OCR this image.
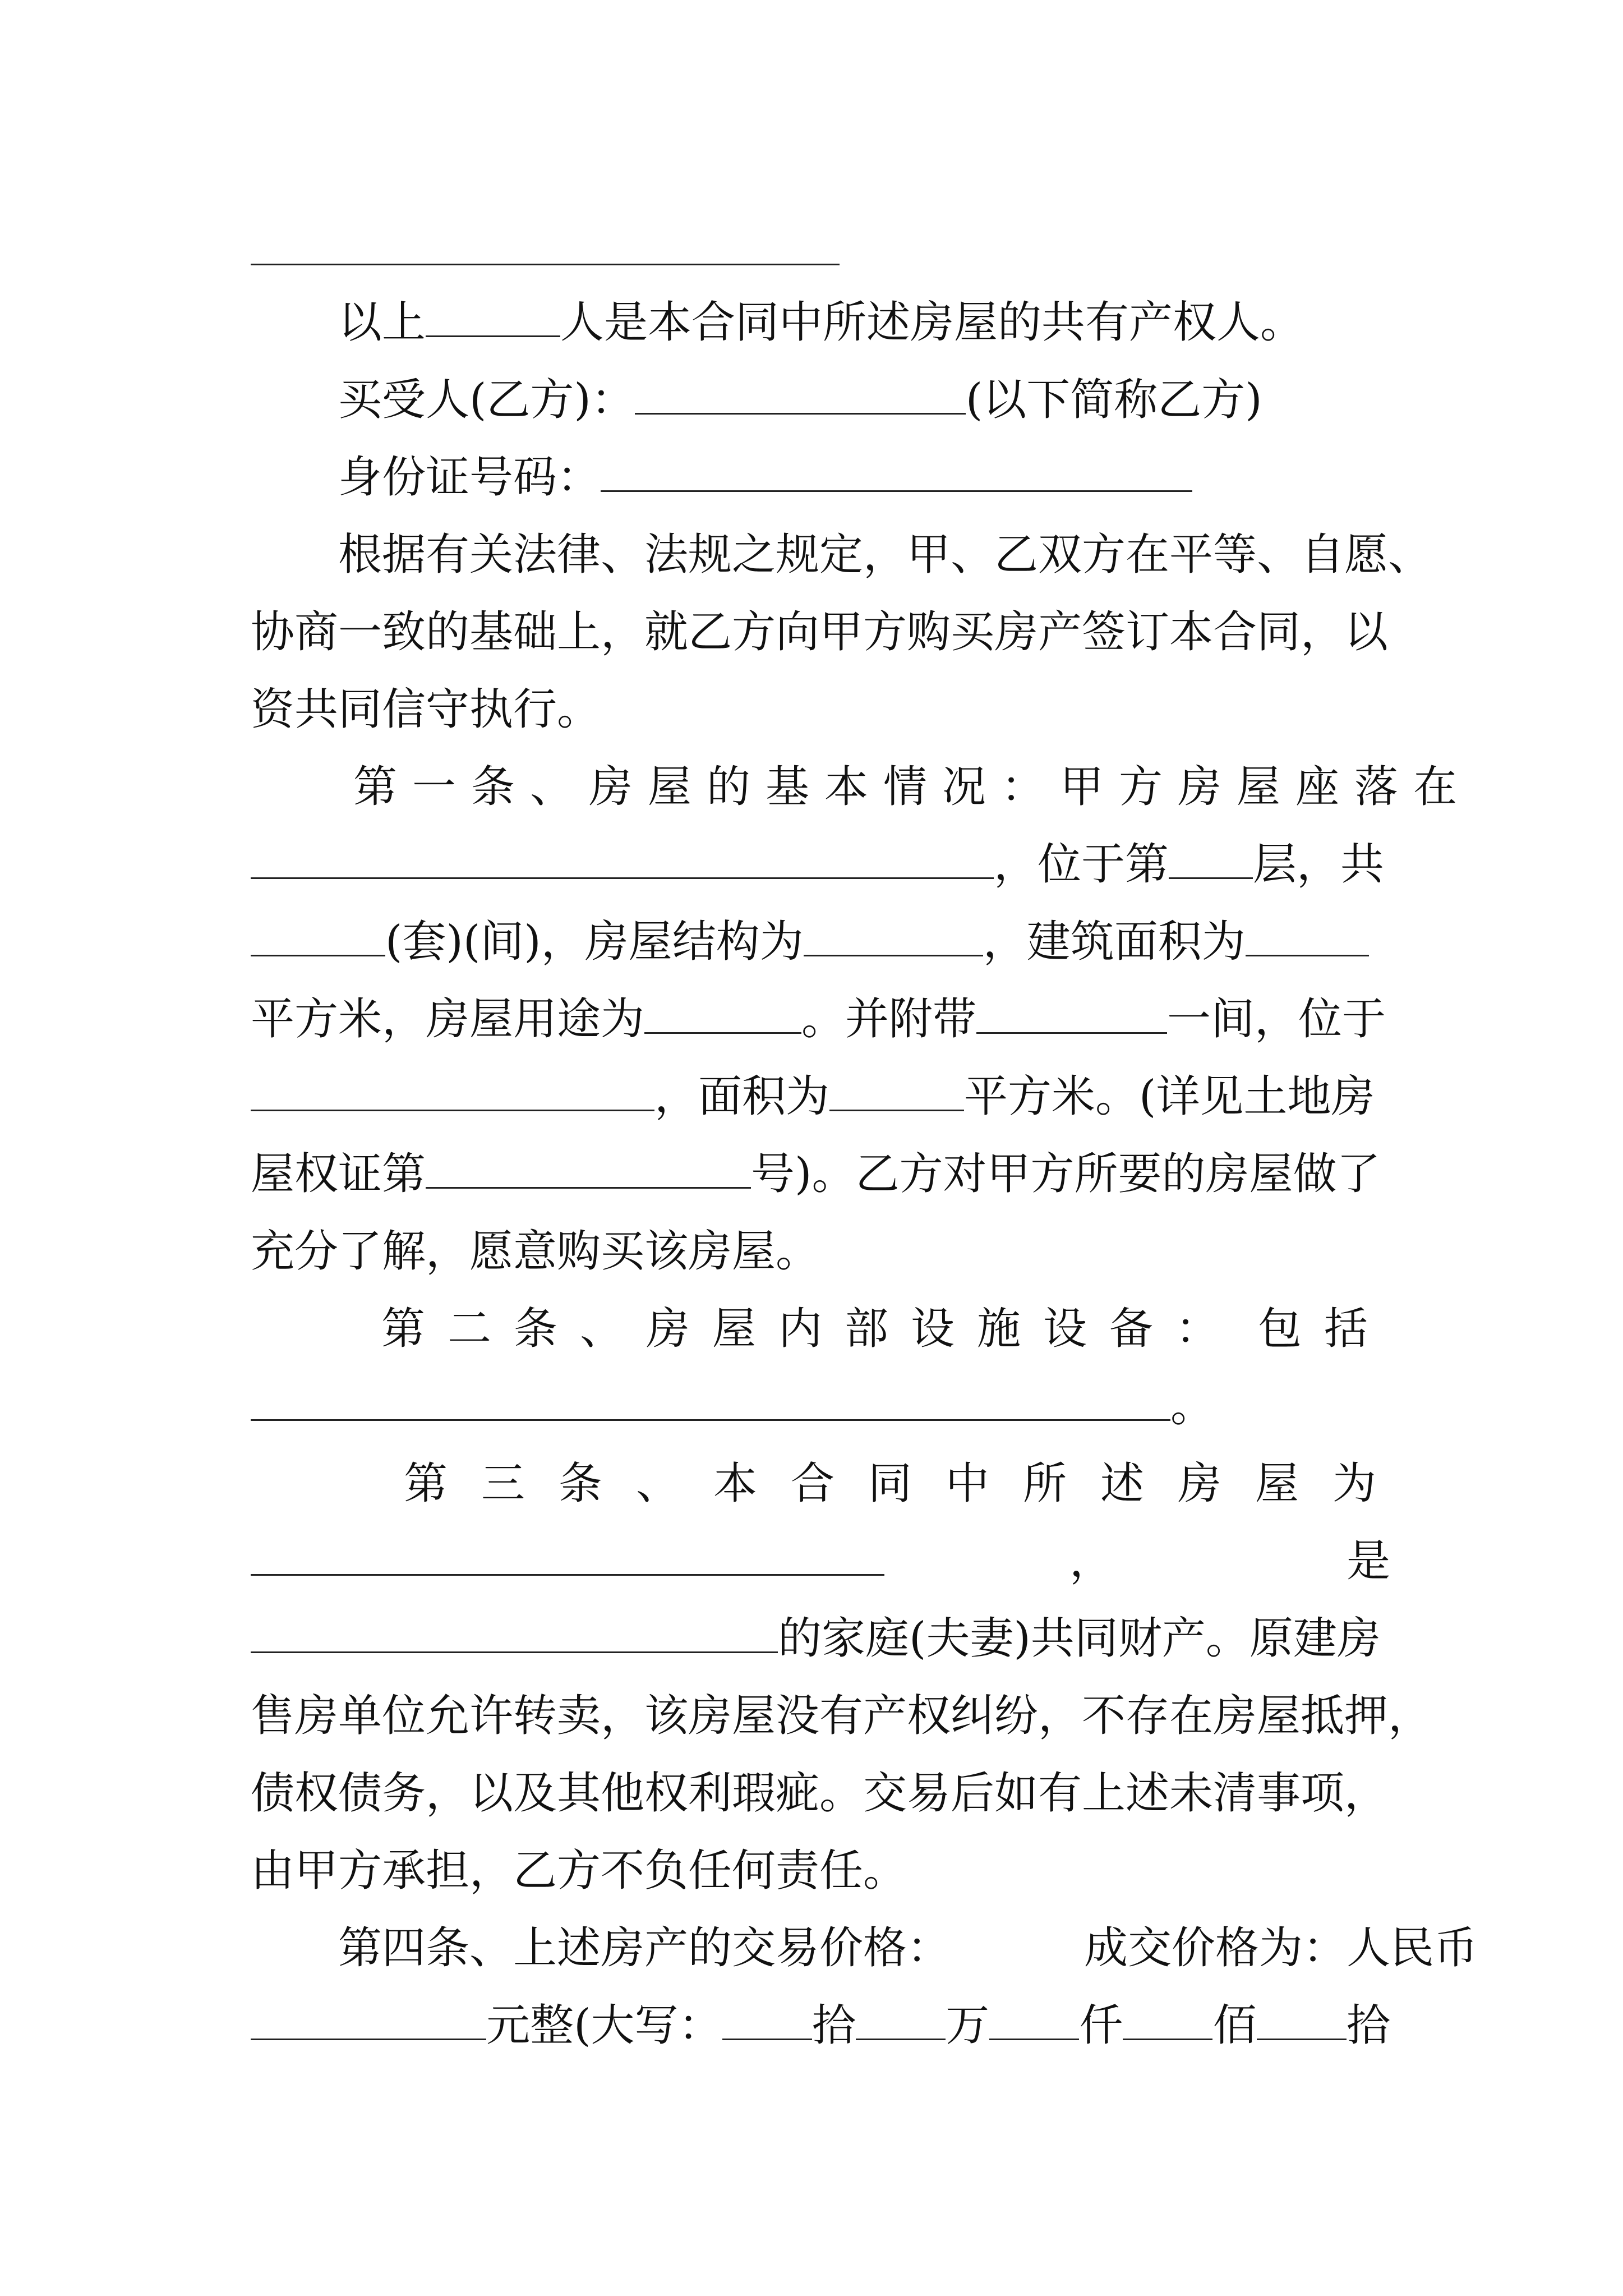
以上	人是本合同中所述房屋的共有产权人。
买受人(乙方)：	(以下简称乙方)
身份证号码：
根据有关法律、法规之规定，甲、乙双方在平等、自愿、
协商一致的基础上，就乙方向甲方购买房产签订本合同，以
资共同信守执行。
第一条、房屋的基本情况：甲方房屋座落在
，位于第 层，共
(套)(间)，房屋结构为	，建筑面积为
平方米，房屋用途为	。并附带	一间，位于
，面积为	平方米。(详见土地房
屋权证第	号)。乙方对甲方所要的房屋做了
充分了解，愿意购买该房屋。
第二条、房屋内部设施设备： 包括
。
第三条、本合同中所述房屋为
，	是
的家庭(夫妻)共同财产。原建房
售房单位允许转卖，该房屋没有产权纠纷，不存在房屋抵押，
债权债务，以及其他权利瑕疵。交易后如有上述未清事项，
由甲方承担，乙方不负任何责任。
第四条、上述房产的交易价格：	成交价格为：人民币
元整(大写： 拾 万 仟 佰 拾
